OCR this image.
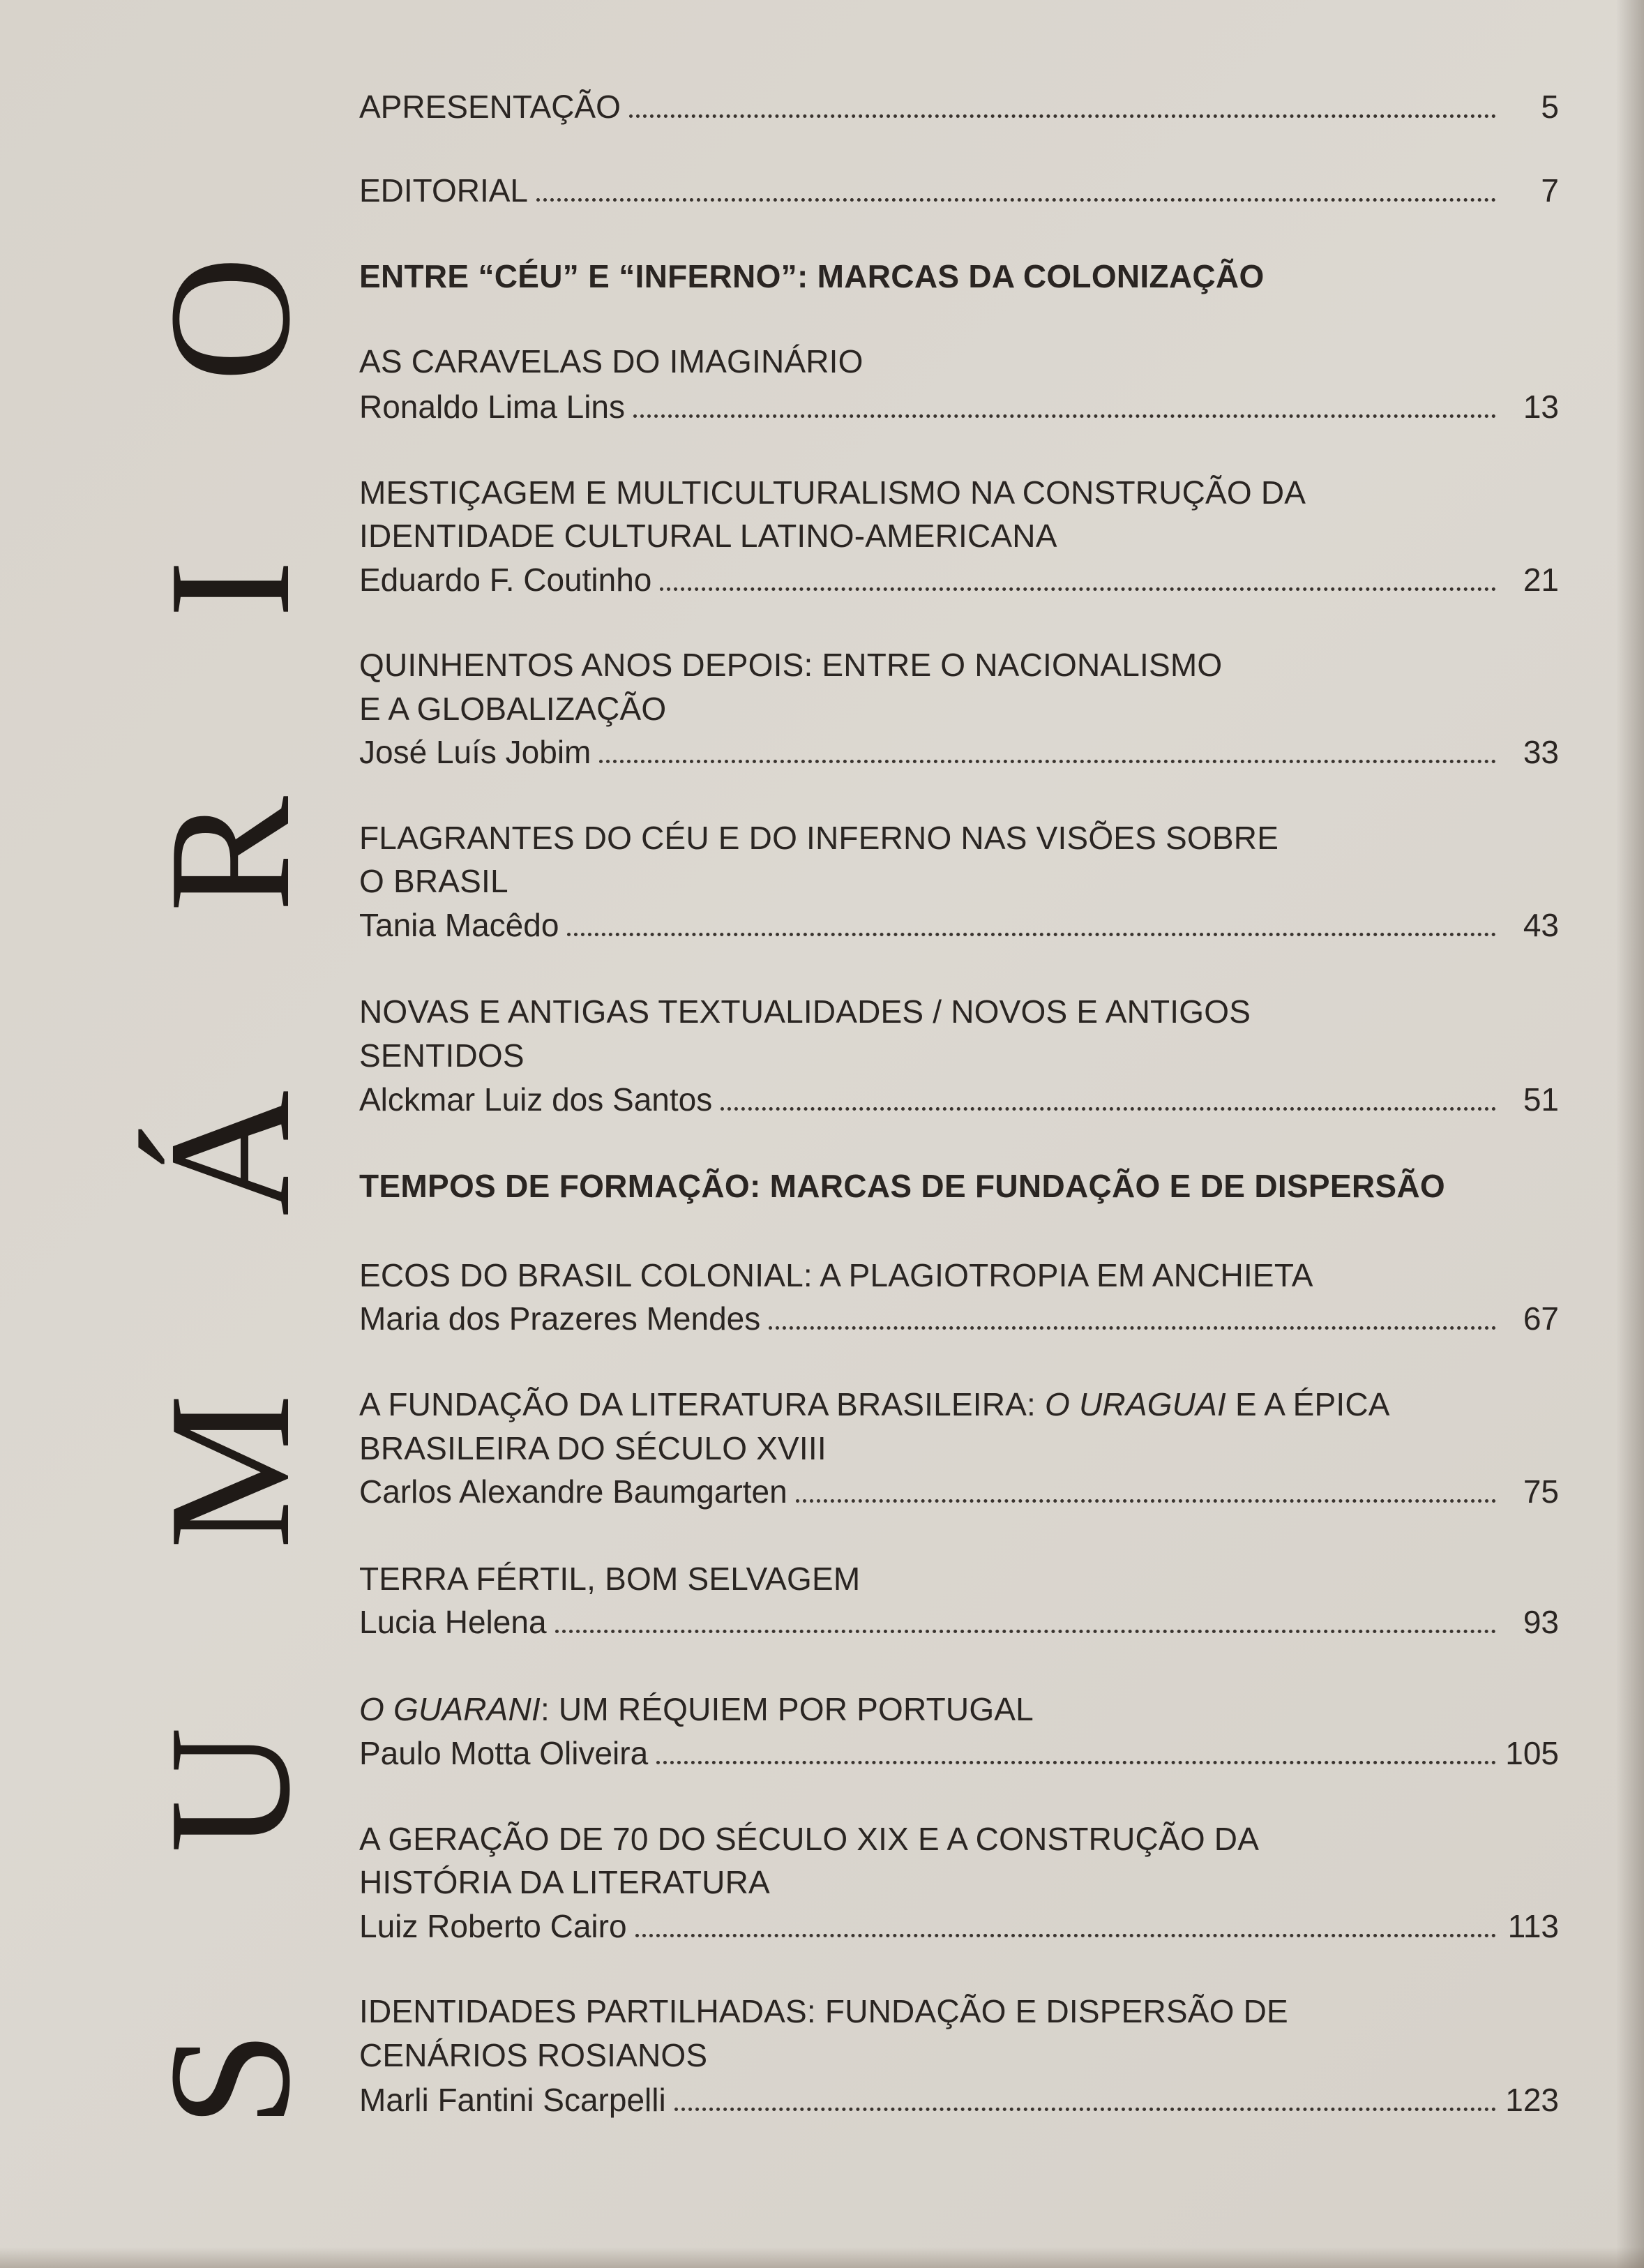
SUMÁRIO APRESENTAÇÃO	5
EDITORIAL	7
ENTRE “CÉU” E “INFERNO”: MARCAS DA COLONIZAÇÃO
AS CARAVELAS DO IMAGINÁRIO
Ronaldo Lima Lins	13
MESTIÇAGEM E MULTICULTURALISMO NA CONSTRUÇÃO DA
IDENTIDADE CULTURAL LATINO-AMERICANA
Eduardo F. Coutinho	21
QUINHENTOS ANOS DEPOIS: ENTRE O NACIONALISMO
E A GLOBALIZAÇÃO
José Luís Jobim	33
FLAGRANTES DO CÉU E DO INFERNO NAS VISÕES SOBRE
O BRASIL
Tania Macêdo	43
NOVAS E ANTIGAS TEXTUALIDADES / NOVOS E ANTIGOS
SENTIDOS
Alckmar Luiz dos Santos	51
TEMPOS DE FORMAÇÃO: MARCAS DE FUNDAÇÃO E DE DISPERSÃO
ECOS DO BRASIL COLONIAL: A PLAGIOTROPIA EM ANCHIETA
Maria dos Prazeres Mendes	67
A FUNDAÇÃO DA LITERATURA BRASILEIRA: O URAGUAI E A ÉPICA
BRASILEIRA DO SÉCULO XVIII
Carlos Alexandre Baumgarten	75
TERRA FÉRTIL, BOM SELVAGEM
Lucia Helena	93
O GUARANI: UM RÉQUIEM POR PORTUGAL
Paulo Motta Oliveira	105
A GERAÇÃO DE 70 DO SÉCULO XIX E A CONSTRUÇÃO DA
HISTÓRIA DA LITERATURA
Luiz Roberto Cairo	113
IDENTIDADES PARTILHADAS: FUNDAÇÃO E DISPERSÃO DE
CENÁRIOS ROSIANOS
Marli Fantini Scarpelli	123
